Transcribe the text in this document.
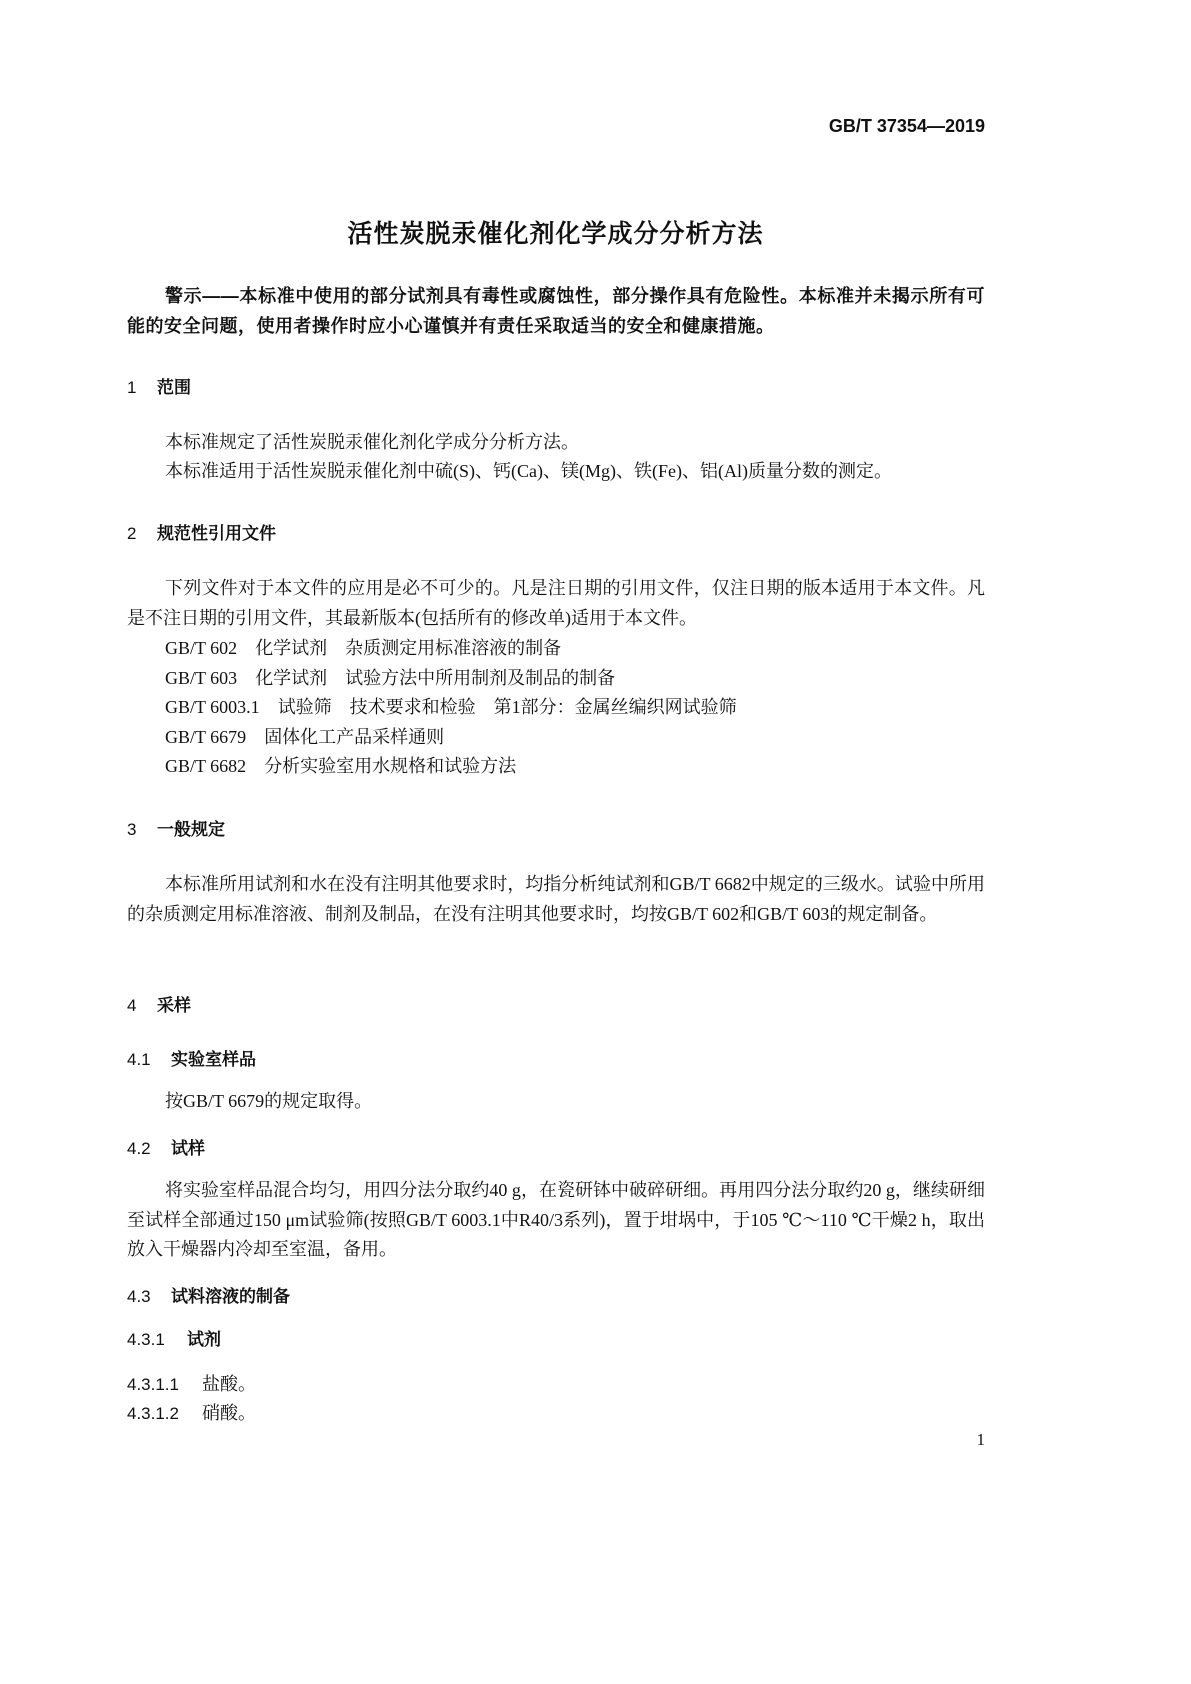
GB/T 37354—2019
活性炭脱汞催化剂化学成分分析方法
警示——本标准中使用的部分试剂具有毒性或腐蚀性，部分操作具有危险性。本标准并未揭示所有可能的安全问题，使用者操作时应小心谨慎并有责任采取适当的安全和健康措施。
1 范围
本标准规定了活性炭脱汞催化剂化学成分分析方法。
本标准适用于活性炭脱汞催化剂中硫(S)、钙(Ca)、镁(Mg)、铁(Fe)、铝(Al)质量分数的测定。
2 规范性引用文件
下列文件对于本文件的应用是必不可少的。凡是注日期的引用文件，仅注日期的版本适用于本文件。凡是不注日期的引用文件，其最新版本(包括所有的修改单)适用于本文件。
GB/T 602 化学试剂　杂质测定用标准溶液的制备
GB/T 603 化学试剂　试验方法中所用制剂及制品的制备
GB/T 6003.1 试验筛　技术要求和检验　第1部分：金属丝编织网试验筛
GB/T 6679 固体化工产品采样通则
GB/T 6682 分析实验室用水规格和试验方法
3 一般规定
本标准所用试剂和水在没有注明其他要求时，均指分析纯试剂和GB/T 6682中规定的三级水。试验中所用的杂质测定用标准溶液、制剂及制品，在没有注明其他要求时，均按GB/T 602和GB/T 603的规定制备。
4 采样
4.1 实验室样品
按GB/T 6679的规定取得。
4.2 试样
将实验室样品混合均匀，用四分法分取约40 g，在瓷研钵中破碎研细。再用四分法分取约20 g，继续研细至试样全部通过150 μm试验筛(按照GB/T 6003.1中R40/3系列)，置于坩埚中，于105 ℃～110 ℃干燥2 h，取出放入干燥器内冷却至室温，备用。
4.3 试料溶液的制备
4.3.1 试剂
4.3.1.1 盐酸。
4.3.1.2 硝酸。
1
